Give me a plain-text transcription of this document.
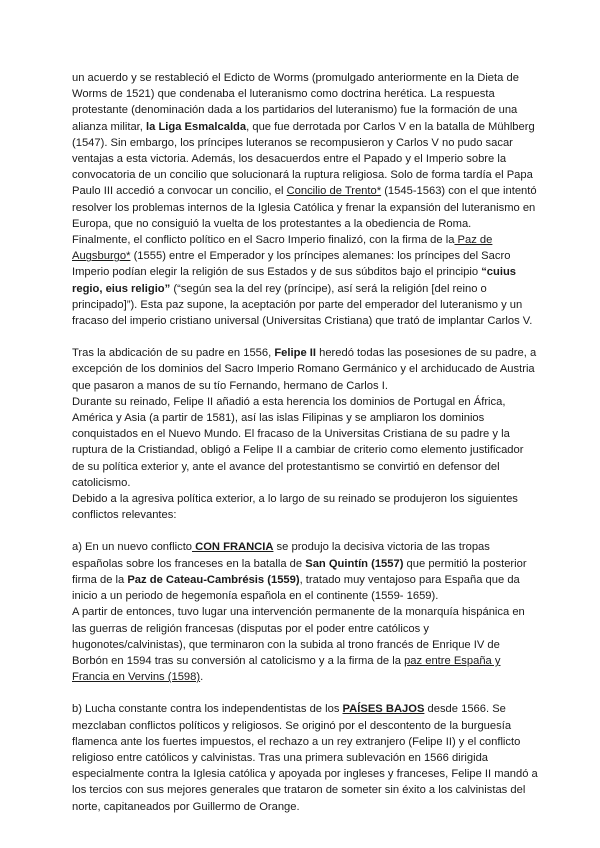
un acuerdo y se restableció el Edicto de Worms (promulgado anteriormente en la Dieta de Worms de 1521) que condenaba el luteranismo como doctrina herética. La respuesta protestante (denominación dada a los partidarios del luteranismo) fue la formación de una alianza militar, la Liga Esmalcalda, que fue derrotada por Carlos V en la batalla de Mühlberg (1547). Sin embargo, los príncipes luteranos se recompusieron y Carlos V no pudo sacar ventajas a esta victoria. Además, los desacuerdos entre el Papado y el Imperio sobre la convocatoria de un concilio que solucionará la ruptura religiosa. Solo de forma tardía el Papa Paulo III accedió a convocar un concilio, el Concilio de Trento* (1545-1563) con el que intentó resolver los problemas internos de la Iglesia Católica y frenar la expansión del luteranismo en Europa, que no consiguió la vuelta de los protestantes a la obediencia de Roma.

Finalmente, el conflicto político en el Sacro Imperio finalizó, con la firma de la Paz de Augsburgo* (1555) entre el Emperador y los príncipes alemanes: los príncipes del Sacro Imperio podían elegir la religión de sus Estados y de sus súbditos bajo el principio “cuius regio, eius religio” (“según sea la del rey (príncipe), así será la religión [del reino o principado]”). Esta paz supone, la aceptación por parte del emperador del luteranismo y un fracaso del imperio cristiano universal (Universitas Cristiana) que trató de implantar Carlos V.

Tras la abdicación de su padre en 1556, Felipe II heredó todas las posesiones de su padre, a excepción de los dominios del Sacro Imperio Romano Germánico y el archiducado de Austria que pasaron a manos de su tío Fernando, hermano de Carlos I.

Durante su reinado, Felipe II añadió a esta herencia los dominios de Portugal en África, América y Asia (a partir de 1581), así las islas Filipinas y se ampliaron los dominios conquistados en el Nuevo Mundo. El fracaso de la Universitas Cristiana de su padre y la ruptura de la Cristiandad, obligó a Felipe II a cambiar de criterio como elemento justificador de su política exterior y, ante el avance del protestantismo se convirtió en defensor del catolicismo.

Debido a la agresiva política exterior, a lo largo de su reinado se produjeron los siguientes conflictos relevantes:

a) En un nuevo conflicto CON FRANCIA se produjo la decisiva victoria de las tropas españolas sobre los franceses en la batalla de San Quintín (1557) que permitió la posterior firma de la Paz de Cateau-Cambrésis (1559), tratado muy ventajoso para España que da inicio a un periodo de hegemonía española en el continente (1559- 1659).

A partir de entonces, tuvo lugar una intervención permanente de la monarquía hispánica en las guerras de religión francesas (disputas por el poder entre católicos y hugonotes/calvinistas), que terminaron con la subida al trono francés de Enrique IV de Borbón en 1594 tras su conversión al catolicismo y a la firma de la paz entre España y Francia en Vervins (1598).

b) Lucha constante contra los independentistas de los PAÍSES BAJOS desde 1566. Se mezclaban conflictos políticos y religiosos. Se originó por el descontento de la burguesía flamenca ante los fuertes impuestos, el rechazo a un rey extranjero (Felipe II) y el conflicto religioso entre católicos y calvinistas. Tras una primera sublevación en 1566 dirigida especialmente contra la Iglesia católica y apoyada por ingleses y franceses, Felipe II mandó a los tercios con sus mejores generales que trataron de someter sin éxito a los calvinistas del norte, capitaneados por Guillermo de Orange.
